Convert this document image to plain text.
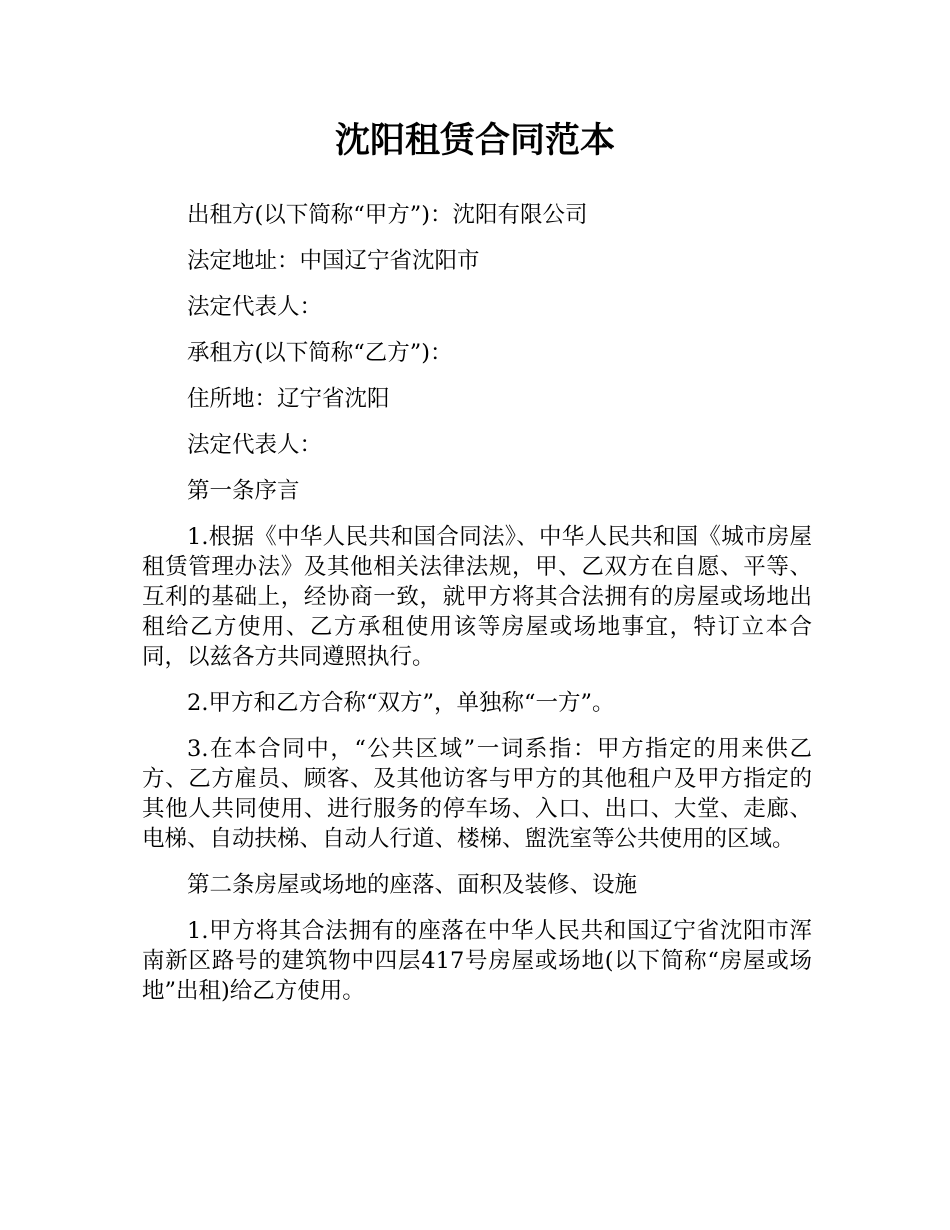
沈阳租赁合同范本

出租方(以下简称“甲方”)：沈阳有限公司

法定地址：中国辽宁省沈阳市

法定代表人：

承租方(以下简称“乙方”)：

住所地：辽宁省沈阳

法定代表人：

第一条序言

1.根据《中华人民共和国合同法》、中华人民共和国《城市房屋租赁管理办法》及其他相关法律法规，甲、乙双方在自愿、平等、互利的基础上，经协商一致，就甲方将其合法拥有的房屋或场地出租给乙方使用、乙方承租使用该等房屋或场地事宜，特订立本合同，以兹各方共同遵照执行。

2.甲方和乙方合称“双方”，单独称“一方”。

3.在本合同中，“公共区域”一词系指：甲方指定的用来供乙方、乙方雇员、顾客、及其他访客与甲方的其他租户及甲方指定的其他人共同使用、进行服务的停车场、入口、出口、大堂、走廊、电梯、自动扶梯、自动人行道、楼梯、盥洗室等公共使用的区域。

第二条房屋或场地的座落、面积及装修、设施

1.甲方将其合法拥有的座落在中华人民共和国辽宁省沈阳市浑南新区路号的建筑物中四层417号房屋或场地(以下简称“房屋或场地”出租)给乙方使用。
